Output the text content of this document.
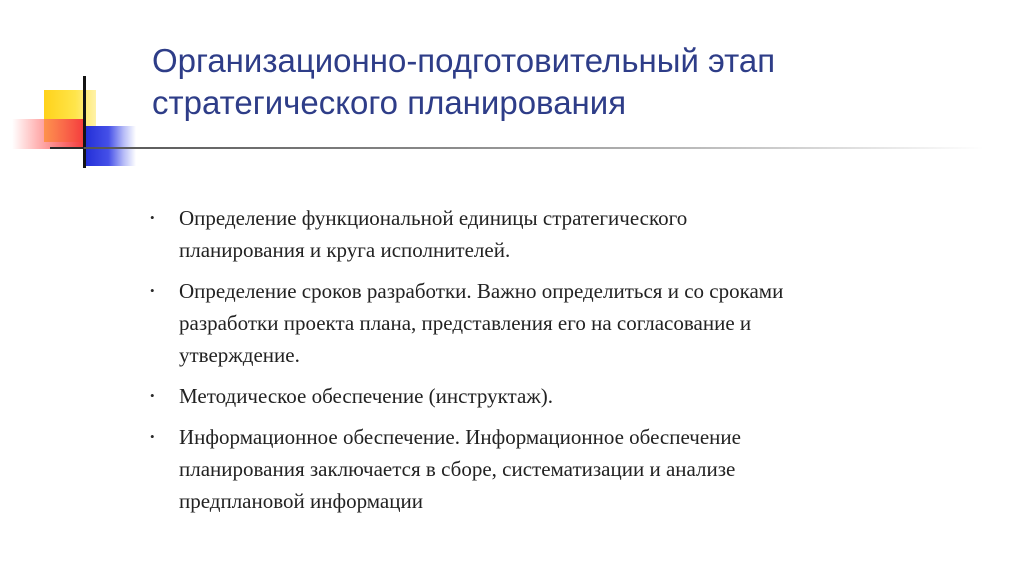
Организационно-подготовительный этап
стратегического планирования
• Определение функциональной единицы стратегического
планирования и круга исполнителей.
• Определение сроков разработки. Важно определиться и со сроками
разработки проекта плана, представления его на согласование и
утверждение.
• Методическое обеспечение (инструктаж).
• Информационное обеспечение. Информационное обеспечение
планирования заключается в сборе, систематизации и анализе
предплановой информации
